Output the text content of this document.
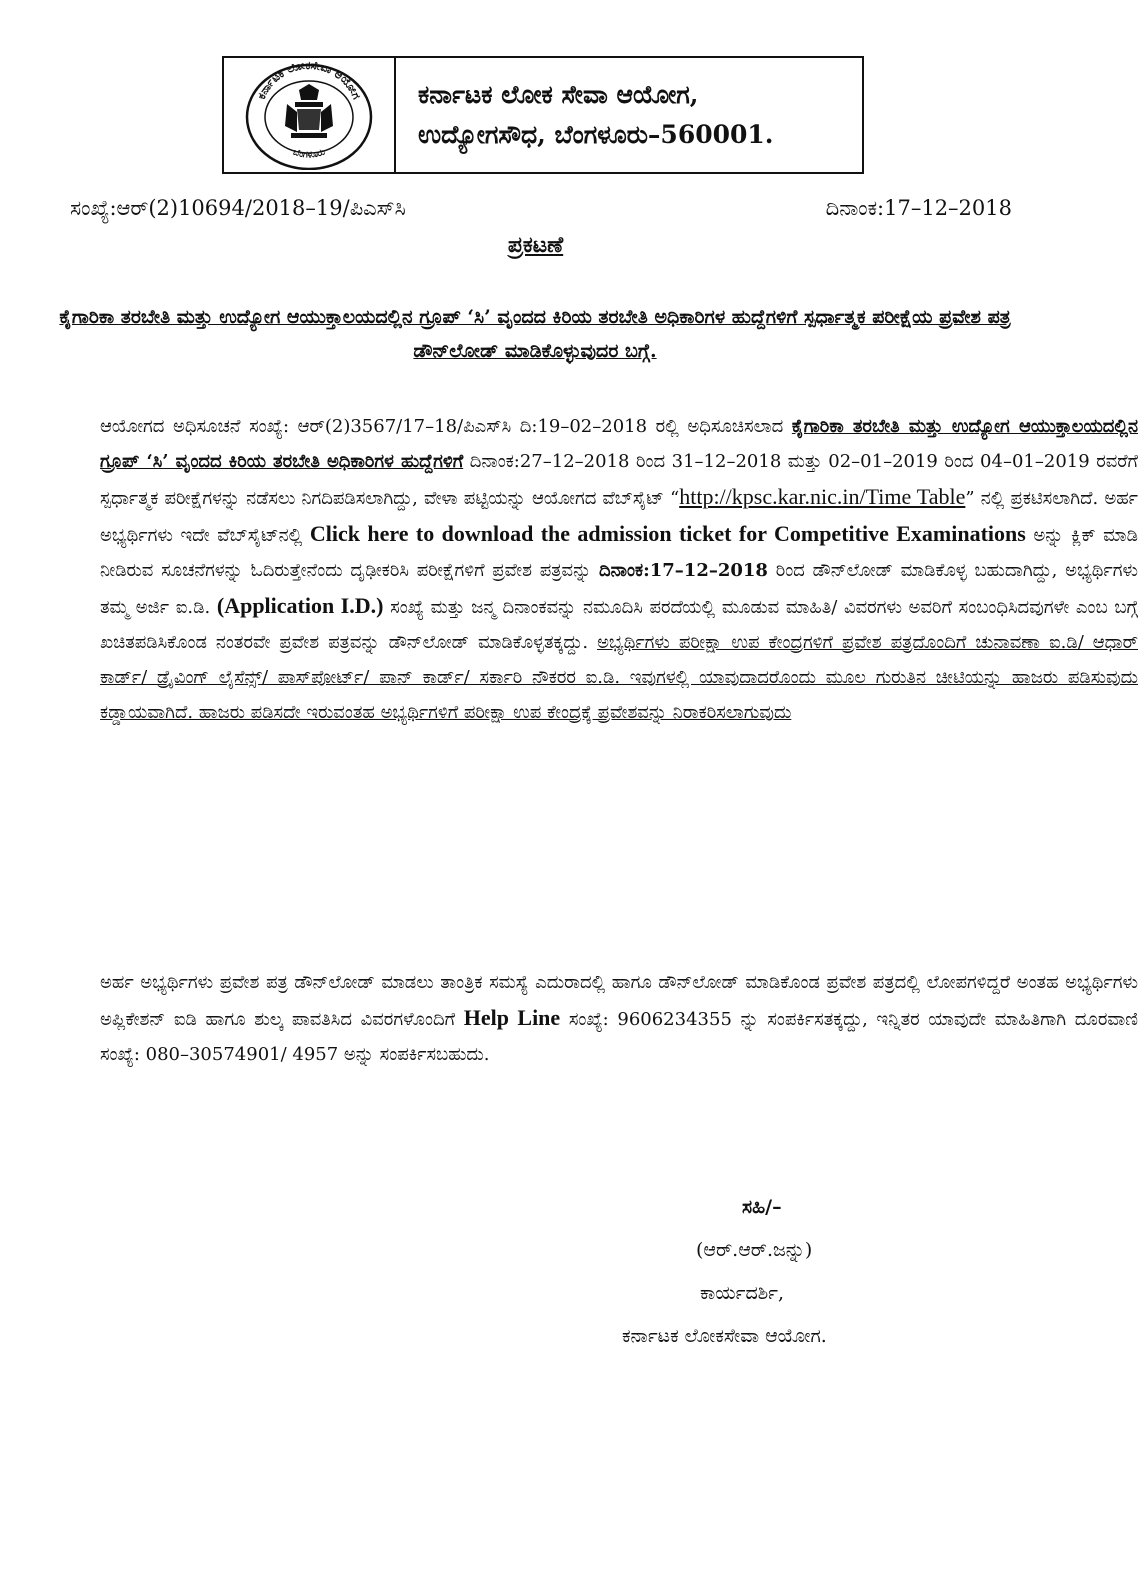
ಕರ್ನಾಟಕ ಲೋಕಸೇವಾ ಆಯೋಗ
ಬೆಂಗಳೂರು
ಕರ್ನಾಟಕ ಲೋಕ ಸೇವಾ ಆಯೋಗ,
ಉದ್ಯೋಗಸೌಧ, ಬೆಂಗಳೂರು–560001.
ಸಂಖ್ಯೆ:ಆರ್(2)10694/2018–19/ಪಿಎಸ್‌ಸಿ	ದಿನಾಂಕ:17–12–2018
ಪ್ರಕಟಣೆ
ಕೈಗಾರಿಕಾ ತರಬೇತಿ ಮತ್ತು ಉದ್ಯೋಗ ಆಯುಕ್ತಾಲಯದಲ್ಲಿನ ಗ್ರೂಪ್ ‘ಸಿ’ ವೃಂದದ ಕಿರಿಯ ತರಬೇತಿ ಅಧಿಕಾರಿಗಳ ಹುದ್ದೆಗಳಿಗೆ ಸ್ಪರ್ಧಾತ್ಮಕ ಪರೀಕ್ಷೆಯ ಪ್ರವೇಶ ಪತ್ರ ಡೌನ್‌ಲೋಡ್ ಮಾಡಿಕೊಳ್ಳುವುದರ ಬಗ್ಗೆ.
ಆಯೋಗದ ಅಧಿಸೂಚನೆ ಸಂಖ್ಯೆ: ಆರ್(2)3567/17–18/ಪಿಎಸ್‌ಸಿ ದಿ:19–02–2018 ರಲ್ಲಿ ಅಧಿಸೂಚಿಸಲಾದ ಕೈಗಾರಿಕಾ ತರಬೇತಿ ಮತ್ತು ಉದ್ಯೋಗ ಆಯುಕ್ತಾಲಯದಲ್ಲಿನ ಗ್ರೂಪ್ ‘ಸಿ’ ವೃಂದದ ಕಿರಿಯ ತರಬೇತಿ ಅಧಿಕಾರಿಗಳ ಹುದ್ದೆಗಳಿಗೆ ದಿನಾಂಕ:27–12–2018 ರಿಂದ 31–12–2018 ಮತ್ತು 02–01–2019 ರಿಂದ 04–01–2019 ರವರೆಗೆ ಸ್ಪರ್ಧಾತ್ಮಕ ಪರೀಕ್ಷೆಗಳನ್ನು ನಡೆಸಲು ನಿಗದಿಪಡಿಸಲಾಗಿದ್ದು, ವೇಳಾ ಪಟ್ಟಿಯನ್ನು ಆಯೋಗದ ವೆಬ್‌ಸೈಟ್ “http://kpsc.kar.nic.in/Time Table” ನಲ್ಲಿ ಪ್ರಕಟಿಸಲಾಗಿದೆ. ಅರ್ಹ ಅಭ್ಯರ್ಥಿಗಳು ಇದೇ ವೆಬ್‌ಸೈಟ್‌ನಲ್ಲಿ Click here to download the admission ticket for Competitive Examinations ಅನ್ನು ಕ್ಲಿಕ್ ಮಾಡಿ ನೀಡಿರುವ ಸೂಚನೆಗಳನ್ನು ಓದಿರುತ್ತೇನೆಂದು ದೃಢೀಕರಿಸಿ ಪರೀಕ್ಷೆಗಳಿಗೆ ಪ್ರವೇಶ ಪತ್ರವನ್ನು ದಿನಾಂಕ:17–12–2018 ರಿಂದ ಡೌನ್‌ಲೋಡ್ ಮಾಡಿಕೊಳ್ಳ ಬಹುದಾಗಿದ್ದು, ಅಭ್ಯರ್ಥಿಗಳು ತಮ್ಮ ಅರ್ಜಿ ಐ.ಡಿ. (Application I.D.) ಸಂಖ್ಯೆ ಮತ್ತು ಜನ್ಮ ದಿನಾಂಕವನ್ನು ನಮೂದಿಸಿ ಪರದೆಯಲ್ಲಿ ಮೂಡುವ ಮಾಹಿತಿ/ ವಿವರಗಳು ಅವರಿಗೆ ಸಂಬಂಧಿಸಿದವುಗಳೇ ಎಂಬ ಬಗ್ಗೆ ಖಚಿತಪಡಿಸಿಕೊಂಡ ನಂತರವೇ ಪ್ರವೇಶ ಪತ್ರವನ್ನು ಡೌನ್‌ಲೋಡ್ ಮಾಡಿಕೊಳ್ಳತಕ್ಕದ್ದು. ಅಭ್ಯರ್ಥಿಗಳು ಪರೀಕ್ಷಾ ಉಪ ಕೇಂದ್ರಗಳಿಗೆ ಪ್ರವೇಶ ಪತ್ರದೊಂದಿಗೆ ಚುನಾವಣಾ ಐ.ಡಿ/ ಆಧಾರ್ ಕಾರ್ಡ್/ ಡ್ರೈವಿಂಗ್ ಲೈಸೆನ್ಸ್/ ಪಾಸ್‌ಪೋರ್ಟ್/ ಪಾನ್ ಕಾರ್ಡ್/ ಸರ್ಕಾರಿ ನೌಕರರ ಐ.ಡಿ. ಇವುಗಳಲ್ಲಿ ಯಾವುದಾದರೊಂದು ಮೂಲ ಗುರುತಿನ ಚೀಟಿಯನ್ನು ಹಾಜರು ಪಡಿಸುವುದು ಕಡ್ಡಾಯವಾಗಿದೆ. ಹಾಜರು ಪಡಿಸದೇ ಇರುವಂತಹ ಅಭ್ಯರ್ಥಿಗಳಿಗೆ ಪರೀಕ್ಷಾ ಉಪ ಕೇಂದ್ರಕ್ಕೆ ಪ್ರವೇಶವನ್ನು ನಿರಾಕರಿಸಲಾಗುವುದು
ಅರ್ಹ ಅಭ್ಯರ್ಥಿಗಳು ಪ್ರವೇಶ ಪತ್ರ ಡೌನ್‌ಲೋಡ್ ಮಾಡಲು ತಾಂತ್ರಿಕ ಸಮಸ್ಯೆ ಎದುರಾದಲ್ಲಿ ಹಾಗೂ ಡೌನ್‌ಲೋಡ್ ಮಾಡಿಕೊಂಡ ಪ್ರವೇಶ ಪತ್ರದಲ್ಲಿ ಲೋಪಗಳಿದ್ದರೆ ಅಂತಹ ಅಭ್ಯರ್ಥಿಗಳು ಅಪ್ಲಿಕೇಶನ್ ಐಡಿ ಹಾಗೂ ಶುಲ್ಕ ಪಾವತಿಸಿದ ವಿವರಗಳೊಂದಿಗೆ Help Line ಸಂಖ್ಯೆ: 9606234355 ನ್ನು ಸಂಪರ್ಕಿಸತಕ್ಕದ್ದು, ಇನ್ನಿತರ ಯಾವುದೇ ಮಾಹಿತಿಗಾಗಿ ದೂರವಾಣಿ ಸಂಖ್ಯೆ: 080–30574901/ 4957 ಅನ್ನು ಸಂಪರ್ಕಿಸಬಹುದು.
ಸಹಿ/–
(ಆರ್.ಆರ್.ಜನ್ನು)
ಕಾರ್ಯದರ್ಶಿ,
ಕರ್ನಾಟಕ ಲೋಕಸೇವಾ ಆಯೋಗ.
